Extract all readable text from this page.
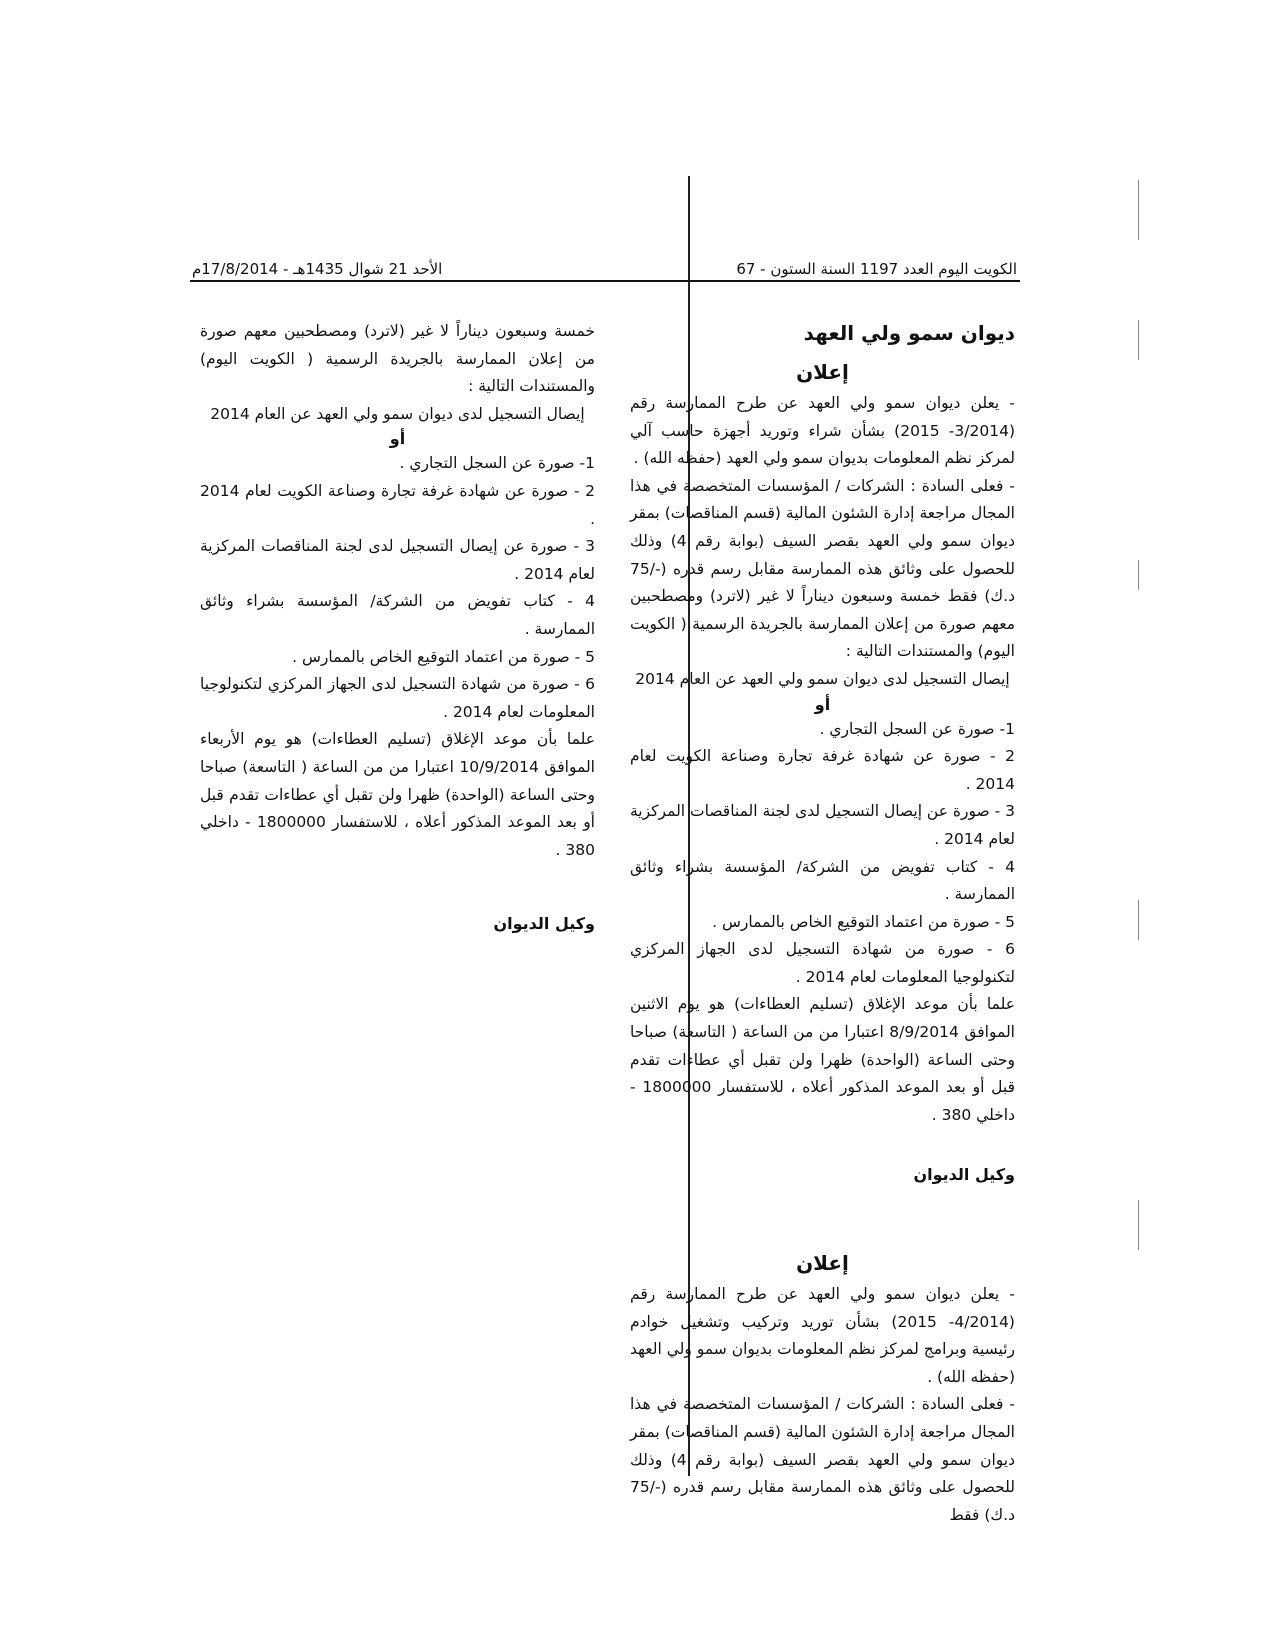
الكويت اليوم العدد 1197 السنة الستون - 67
الأحد 21 شوال 1435هـ - 17/8/2014م

ديوان سمو ولي العهد

إعلان

- يعلن ديوان سمو ولي العهد عن طرح الممارسة رقم (3/2014- 2015) بشأن شراء وتوريد أجهزة حاسب آلي لمركز نظم المعلومات بديوان سمو ولي العهد (حفظه الله) .

- فعلى السادة : الشركات / المؤسسات المتخصصة في هذا المجال مراجعة إدارة الشئون المالية (قسم المناقصات) بمقر ديوان سمو ولي العهد بقصر السيف (بوابة رقم 4) وذلك للحصول على وثائق هذه الممارسة مقابل رسم قدره (-/75 د.ك) فقط خمسة وسبعون ديناراً لا غير (لاترد) ومصطحبين معهم صورة من إعلان الممارسة بالجريدة الرسمية ( الكويت اليوم) والمستندات التالية :

إيصال التسجيل لدى ديوان سمو ولي العهد عن العام 2014

أو

1- صورة عن السجل التجاري .

2 - صورة عن شهادة غرفة تجارة وصناعة الكويت لعام 2014 .

3 - صورة عن إيصال التسجيل لدى لجنة المناقصات المركزية لعام 2014 .

4 - كتاب تفويض من الشركة/ المؤسسة بشراء وثائق الممارسة .

5 - صورة من اعتماد التوقيع الخاص بالممارس .

6 - صورة من شهادة التسجيل لدى الجهاز المركزي لتكنولوجيا المعلومات لعام 2014 .

علما بأن موعد الإغلاق (تسليم العطاءات) هو يوم الاثنين الموافق 8/9/2014 اعتبارا من من الساعة ( التاسعة) صباحا وحتى الساعة (الواحدة) ظهرا ولن تقبل أي عطاءات تقدم قبل أو بعد الموعد المذكور أعلاه ، للاستفسار 1800000 - داخلي 380 .

وكيل الديوان

إعلان

- يعلن ديوان سمو ولي العهد عن طرح الممارسة رقم (4/2014- 2015) بشأن توريد وتركيب وتشغيل خوادم رئيسية وبرامج لمركز نظم المعلومات بديوان سمو ولي العهد (حفظه الله) .

- فعلى السادة : الشركات / المؤسسات المتخصصة في هذا المجال مراجعة إدارة الشئون المالية (قسم المناقصات) بمقر ديوان سمو ولي العهد بقصر السيف (بوابة رقم 4) وذلك للحصول على وثائق هذه الممارسة مقابل رسم قدره (-/75 د.ك) فقط

خمسة وسبعون ديناراً لا غير (لاترد) ومصطحبين معهم صورة من إعلان الممارسة بالجريدة الرسمية ( الكويت اليوم) والمستندات التالية :

إيصال التسجيل لدى ديوان سمو ولي العهد عن العام 2014

أو

1- صورة عن السجل التجاري .

2 - صورة عن شهادة غرفة تجارة وصناعة الكويت لعام 2014 .

3 - صورة عن إيصال التسجيل لدى لجنة المناقصات المركزية لعام 2014 .

4 - كتاب تفويض من الشركة/ المؤسسة بشراء وثائق الممارسة .

5 - صورة من اعتماد التوقيع الخاص بالممارس .

6 - صورة من شهادة التسجيل لدى الجهاز المركزي لتكنولوجيا المعلومات لعام 2014 .

علما بأن موعد الإغلاق (تسليم العطاءات) هو يوم الأربعاء الموافق 10/9/2014 اعتبارا من من الساعة ( التاسعة) صباحا وحتى الساعة (الواحدة) ظهرا ولن تقبل أي عطاءات تقدم قبل أو بعد الموعد المذكور أعلاه ، للاستفسار 1800000 - داخلي 380 .

وكيل الديوان
